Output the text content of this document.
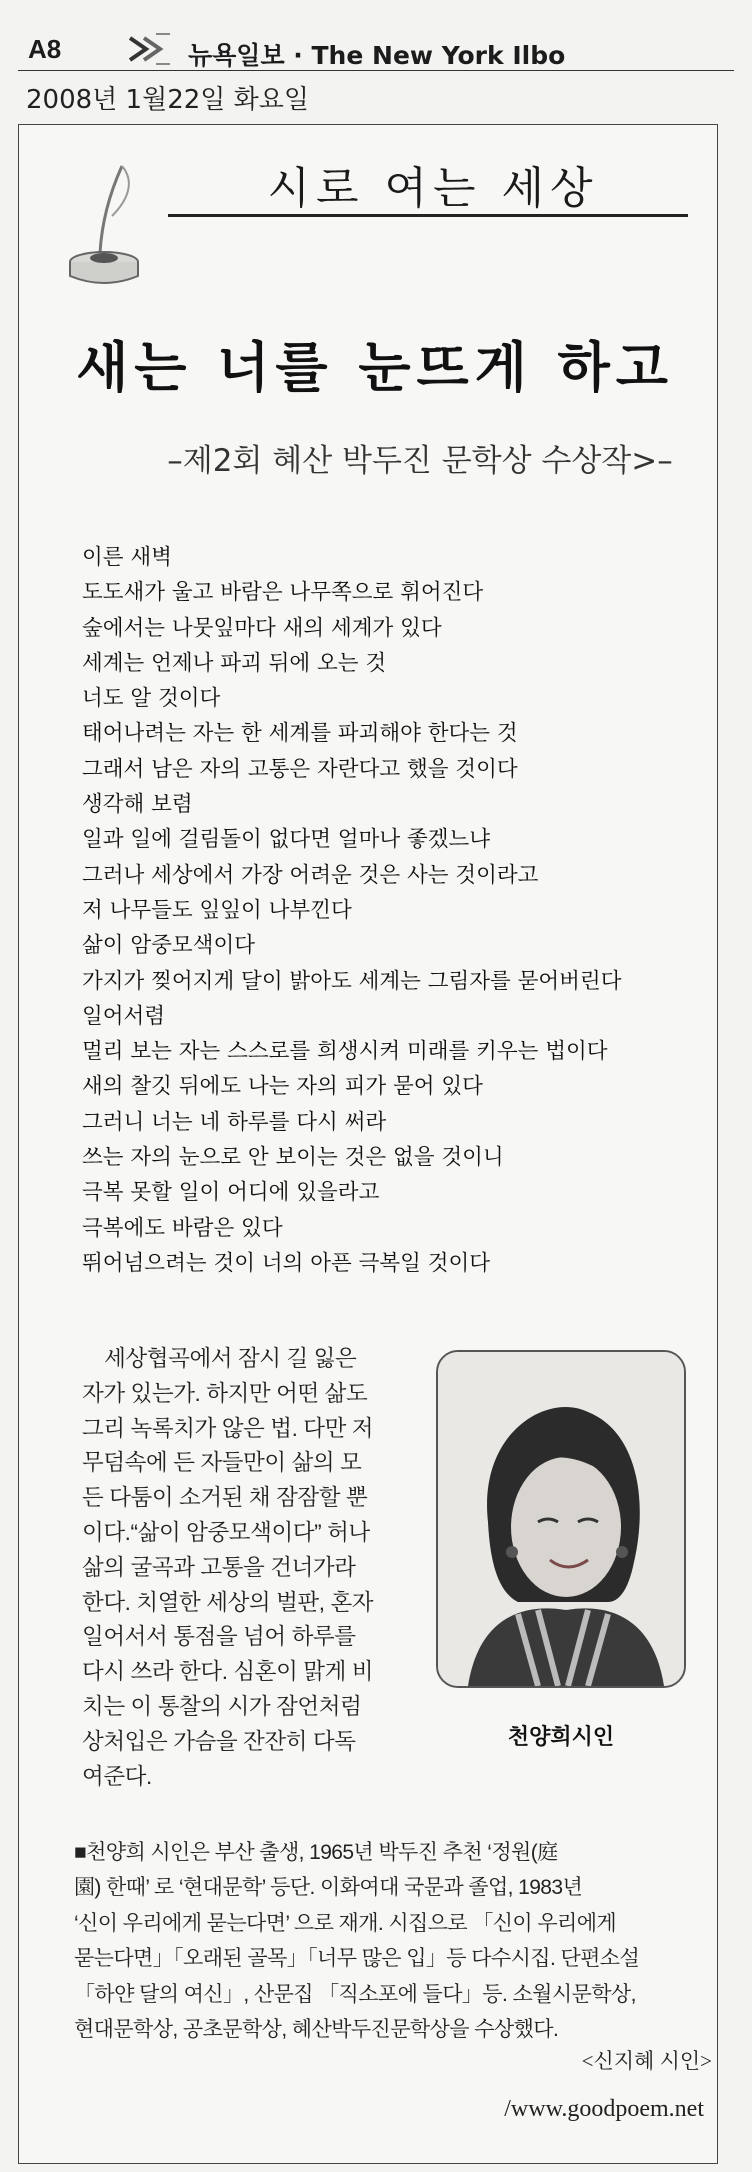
A8	뉴욕일보 · The New York Ilbo
2008년 1월22일 화요일
시로 여는 세상
새는 너를 눈뜨게 하고
–제2회 혜산 박두진 문학상 수상작>–
이른 새벽
도도새가 울고 바람은 나무쪽으로 휘어진다
숲에서는 나뭇잎마다 새의 세계가 있다
세계는 언제나 파괴 뒤에 오는 것
너도 알 것이다
태어나려는 자는 한 세계를 파괴해야 한다는 것
그래서 남은 자의 고통은 자란다고 했을 것이다
생각해 보렴
일과 일에 걸림돌이 없다면 얼마나 좋겠느냐
그러나 세상에서 가장 어려운 것은 사는 것이라고
저 나무들도 잎잎이 나부낀다
삶이 암중모색이다
가지가 찢어지게 달이 밝아도 세계는 그림자를 묻어버린다
일어서렴
멀리 보는 자는 스스로를 희생시켜 미래를 키우는 법이다
새의 찰깃 뒤에도 나는 자의 피가 묻어 있다
그러니 너는 네 하루를 다시 써라
쓰는 자의 눈으로 안 보이는 것은 없을 것이니
극복 못할 일이 어디에 있을라고
극복에도 바람은 있다
뛰어넘으려는 것이 너의 아픈 극복일 것이다
　세상협곡에서 잠시 길 잃은
자가 있는가. 하지만 어떤 삶도
그리 녹록치가 않은 법. 다만 저
무덤속에 든 자들만이 삶의 모
든 다툼이 소거된 채 잠잠할 뿐
이다.“삶이 암중모색이다” 허나
삶의 굴곡과 고통을 건너가라
한다. 치열한 세상의 벌판, 혼자
일어서서 통점을 넘어 하루를
다시 쓰라 한다. 심혼이 맑게 비
치는 이 통찰의 시가 잠언처럼
상처입은 가슴을 잔잔히 다독
여준다.
천양희시인
■천양희 시인은 부산 출생, 1965년 박두진 추천 ‘정원(庭
園) 한때’ 로 ‘현대문학’ 등단. 이화여대 국문과 졸업, 1983년
‘신이 우리에게 묻는다면’ 으로 재개. 시집으로 「신이 우리에게
묻는다면」「오래된 골목」「너무 많은 입」등 다수시집. 단편소설
「하얀 달의 여신」, 산문집 「직소포에 들다」등. 소월시문학상,
현대문학상, 공초문학상, 혜산박두진문학상을 수상했다.
<신지혜 시인>
/www.goodpoem.net
